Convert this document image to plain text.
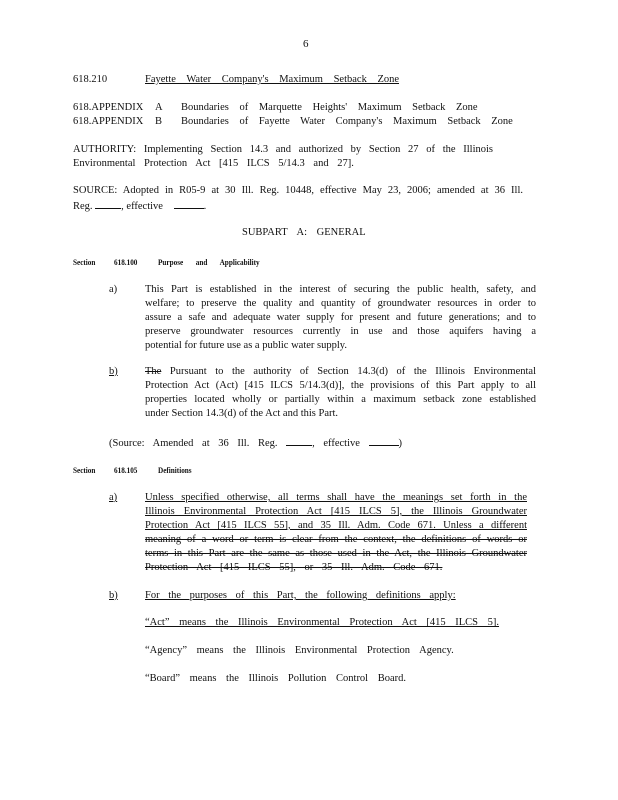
6
618.210	Fayette Water Company's Maximum Setback Zone
618.APPENDIX A Boundaries of Marquette Heights' Maximum Setback Zone
618.APPENDIX B Boundaries of Fayette Water Company's Maximum Setback Zone
AUTHORITY: Implementing Section 14.3 and authorized by Section 27 of the Illinois
Environmental Protection Act [415 ILCS 5/14.3 and 27].
SOURCE: Adopted in R05-9 at 30 Ill. Reg. 10448, effective May 23, 2006; amended at 36 Ill.
Reg.	, effective	.
SUBPART A: GENERAL
Section 618.100	Purpose and Applicability
a)	This Part is established in the interest of securing the public health, safety, and
welfare; to preserve the quality and quantity of groundwater resources in order to
assure a safe and adequate water supply for present and future generations; and to
preserve groundwater resources currently in use and those aquifers having a
potential for future use as a public water supply.
b)	The Pursuant to the authority of Section 14.3(d) of the Illinois Environmental
Protection Act (Act) [415 ILCS 5/14.3(d)], the provisions of this Part apply to all
properties located wholly or partially within a maximum setback zone established
under Section 14.3(d) of the Act and this Part.
(Source: Amended at 36 Ill. Reg.	, effective	)
Section 618.105	Definitions
a)	Unless specified otherwise, all terms shall have the meanings set forth in the
Illinois Environmental Protection Act [415 ILCS 5], the Illinois Groundwater
Protection Act [415 ILCS 55], and 35 Ill. Adm. Code 671. Unless a different
meaning of a word or term is clear from the context, the definitions of words or
terms in this Part are the same as those used in the Act, the Illinois Groundwater
Protection Act [415 ILCS 55], or 35 Ill. Adm. Code 671.
b)	For the purposes of this Part, the following definitions apply:
“Act” means the Illinois Environmental Protection Act [415 ILCS 5].
“Agency” means the Illinois Environmental Protection Agency.
“Board” means the Illinois Pollution Control Board.
